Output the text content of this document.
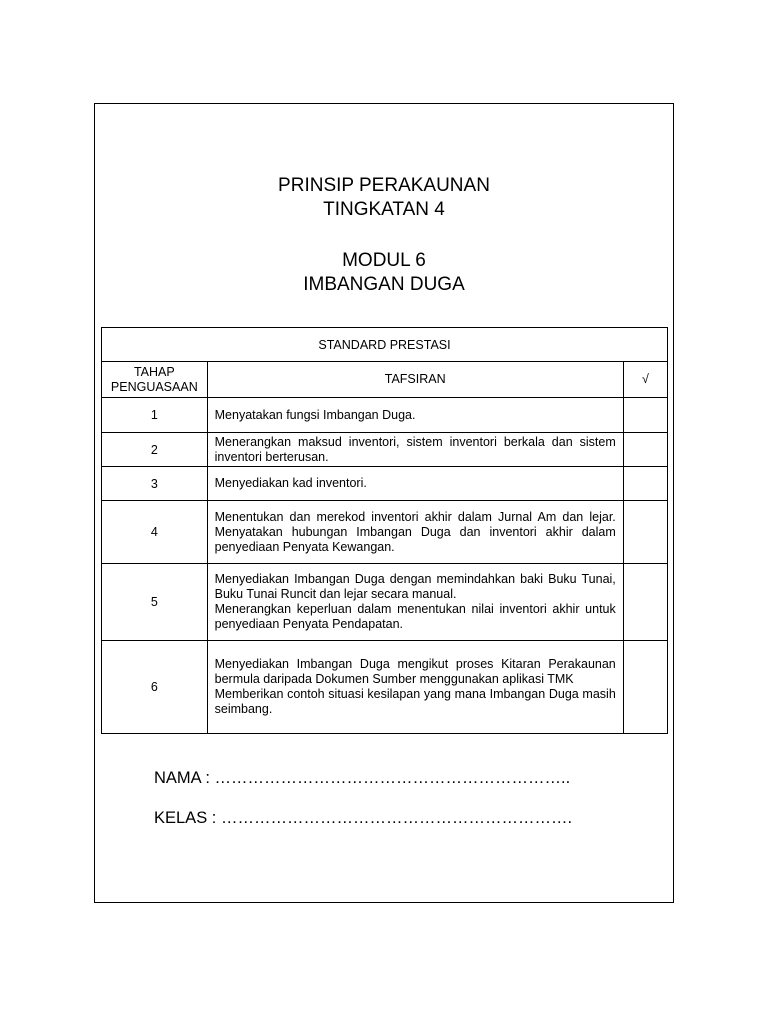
PRINSIP PERAKAUNAN
TINGKATAN 4
MODUL 6
IMBANGAN DUGA
STANDARD PRESTASI		
TAHAP PENGUASAAN	TAFSIRAN	√
1	Menyatakan fungsi Imbangan Duga.	

2	Menerangkan maksud inventori, sistem inventori berkala dan sistem inventori berterusan.	

3	Menyediakan kad inventori.	

4	Menentukan dan merekod inventori akhir dalam Jurnal Am dan lejar. Menyatakan hubungan Imbangan Duga dan inventori akhir dalam penyediaan Penyata Kewangan.	

5	Menyediakan Imbangan Duga dengan memindahkan baki Buku Tunai, Buku Tunai Runcit dan lejar secara manual.
Menerangkan keperluan dalam menentukan nilai inventori akhir untuk penyediaan Penyata Pendapatan.	

6	Menyediakan Imbangan Duga mengikut proses Kitaran Perakaunan bermula daripada Dokumen Sumber menggunakan aplikasi TMK
Memberikan contoh situasi kesilapan yang mana Imbangan Duga masih seimbang.	

NAMA : ………………………………………………………..
KELAS : ……………………………………………………….
